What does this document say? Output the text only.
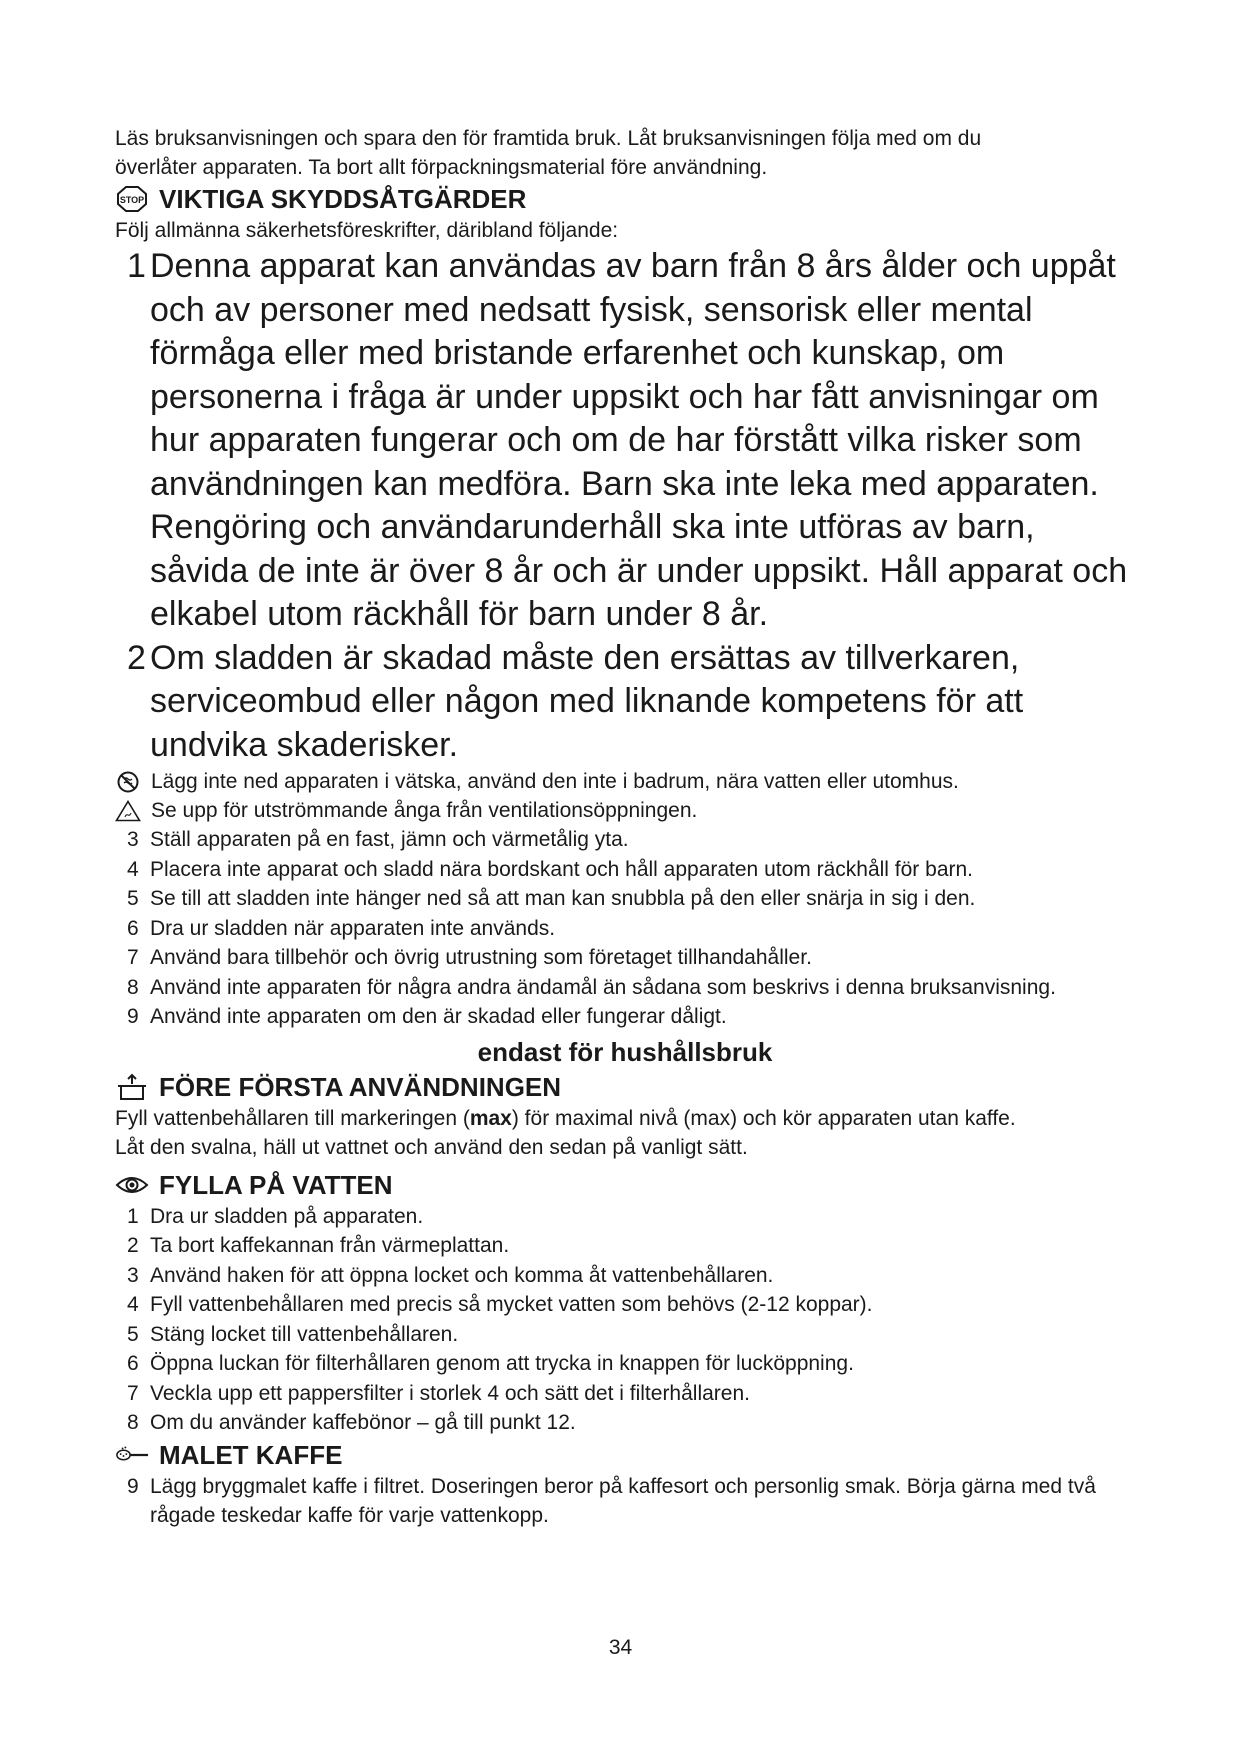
Läs bruksanvisningen och spara den för framtida bruk. Låt bruksanvisningen följa med om du

överlåter apparaten. Ta bort allt förpackningsmaterial före användning.

STOP VIKTIGA SKYDDSÅTGÄRDER

Följ allmänna säkerhetsföreskrifter, däribland följande:

1 Denna apparat kan användas av barn från 8 års ålder och uppåt och av personer med nedsatt fysisk, sensorisk eller mental förmåga eller med bristande erfarenhet och kunskap, om personerna i fråga är under uppsikt och har fått anvisningar om hur apparaten fungerar och om de har förstått vilka risker som användningen kan medföra. Barn ska inte leka med apparaten. Rengöring och användarunderhåll ska inte utföras av barn, såvida de inte är över 8 år och är under uppsikt. Håll apparat och elkabel utom räckhåll för barn under 8 år.
2 Om sladden är skadad måste den ersättas av tillverkaren, serviceombud eller någon med liknande kompetens för att undvika skaderisker.
Lägg inte ned apparaten i vätska, använd den inte i badrum, nära vatten eller utomhus.
Se upp för utströmmande ånga från ventilationsöppningen.
3 Ställ apparaten på en fast, jämn och värmetålig yta.
4 Placera inte apparat och sladd nära bordskant och håll apparaten utom räckhåll för barn.
5 Se till att sladden inte hänger ned så att man kan snubbla på den eller snärja in sig i den.
6 Dra ur sladden när apparaten inte används.
7 Använd bara tillbehör och övrig utrustning som företaget tillhandahåller.
8 Använd inte apparaten för några andra ändamål än sådana som beskrivs i denna bruksanvisning.
9 Använd inte apparaten om den är skadad eller fungerar dåligt.

endast för hushållsbruk

FÖRE FÖRSTA ANVÄNDNINGEN

Fyll vattenbehållaren till markeringen (max) för maximal nivå (max) och kör apparaten utan kaffe.

Låt den svalna, häll ut vattnet och använd den sedan på vanligt sätt.

FYLLA PÅ VATTEN
1 Dra ur sladden på apparaten.
2 Ta bort kaffekannan från värmeplattan.
3 Använd haken för att öppna locket och komma åt vattenbehållaren.
4 Fyll vattenbehållaren med precis så mycket vatten som behövs (2-12 koppar).
5 Stäng locket till vattenbehållaren.
6 Öppna luckan för filterhållaren genom att trycka in knappen för lucköppning.
7 Veckla upp ett pappersfilter i storlek 4 och sätt det i filterhållaren.
8 Om du använder kaffebönor – gå till punkt 12.
MALET KAFFE
9 Lägg bryggmalet kaffe i filtret. Doseringen beror på kaffesort och personlig smak. Börja gärna med två rågade teskedar kaffe för varje vattenkopp.
34
